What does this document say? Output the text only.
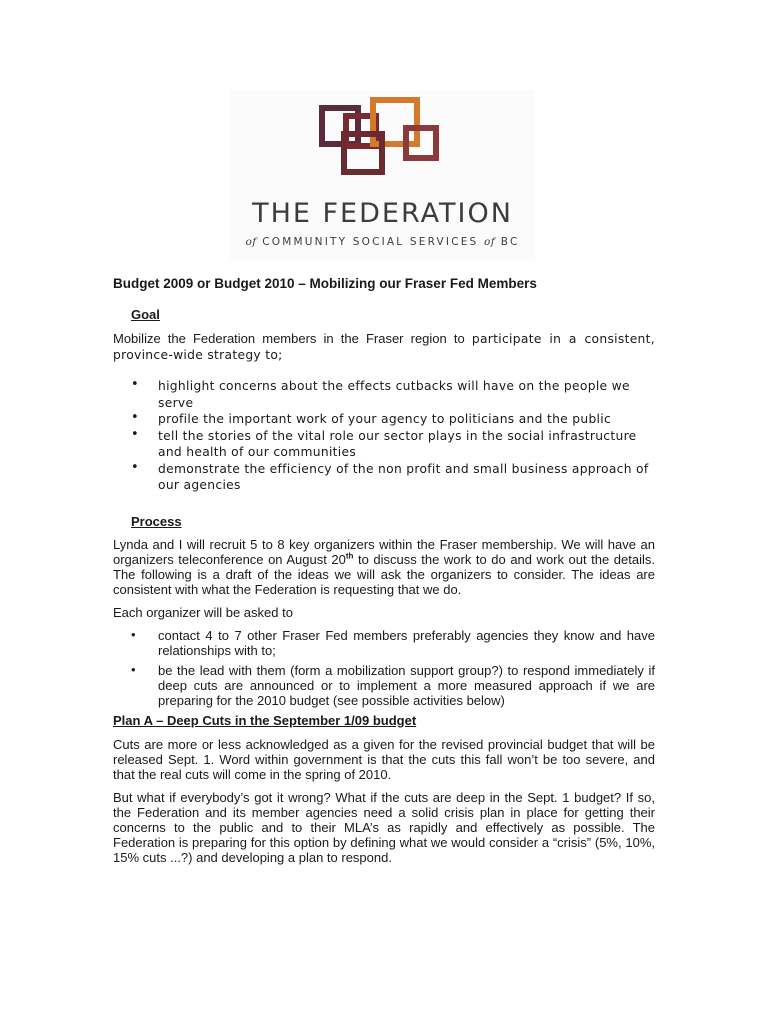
THE FEDERATION
of COMMUNITY SOCIAL SERVICES of BC
Budget 2009 or Budget 2010 – Mobilizing our Fraser Fed Members
Goal

Mobilize the Federation members in the Fraser region to participate in a consistent, province-wide strategy to;

• highlight concerns about the effects cutbacks will have on the people we serve
• profile the important work of your agency to politicians and the public
• tell the stories of the vital role our sector plays in the social infrastructure and health of our communities
• demonstrate the efficiency of the non profit and small business approach of our agencies
Process

Lynda and I will recruit 5 to 8 key organizers within the Fraser membership. We will have an organizers teleconference on August 20th to discuss the work to do and work out the details. The following is a draft of the ideas we will ask the organizers to consider. The ideas are consistent with what the Federation is requesting that we do.

Each organizer will be asked to

• contact 4 to 7 other Fraser Fed members preferably agencies they know and have relationships with to;
• be the lead with them (form a mobilization support group?) to respond immediately if deep cuts are announced or to implement a more measured approach if we are preparing for the 2010 budget (see possible activities below)
Plan A – Deep Cuts in the September 1/09 budget

Cuts are more or less acknowledged as a given for the revised provincial budget that will be released Sept. 1. Word within government is that the cuts this fall won’t be too severe, and that the real cuts will come in the spring of 2010.

But what if everybody’s got it wrong? What if the cuts are deep in the Sept. 1 budget? If so, the Federation and its member agencies need a solid crisis plan in place for getting their concerns to the public and to their MLA’s as rapidly and effectively as possible. The Federation is preparing for this option by defining what we would consider a “crisis” (5%, 10%, 15% cuts ...?) and developing a plan to respond.
